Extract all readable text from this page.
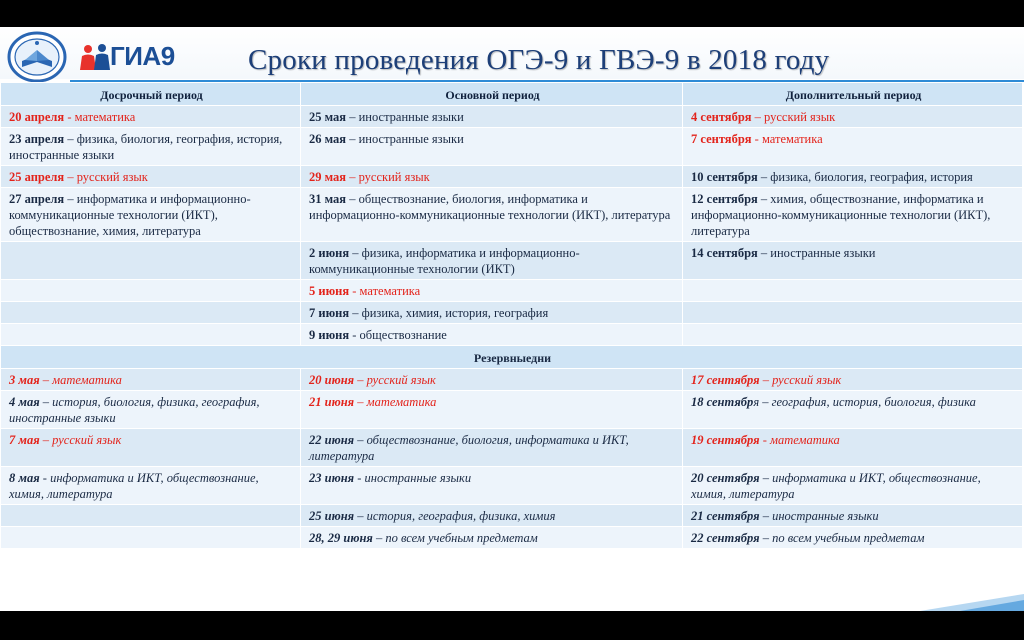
ГИА9	Сроки проведения ОГЭ-9 и ГВЭ-9 в 2018 году
Досрочный период	Основной период	Дополнительный период
20 апреля - математика	25 мая – иностранные языки	4 сентября – русский язык
23 апреля – физика, биология, география, история, иностранные языки	26 мая – иностранные языки	7 сентября - математика
25 апреля – русский язык	29 мая – русский язык	10 сентября – физика, биология, география, история
27 апреля – информатика и информационно-коммуникационные технологии (ИКТ), обществознание, химия, литература	31 мая – обществознание, биология, информатика и информационно-коммуникационные технологии (ИКТ), литература	12 сентября – химия, обществознание, информатика и информационно-коммуникационные технологии (ИКТ), литература
	2 июня – физика, информатика и информационно-коммуникационные технологии (ИКТ)	14 сентября – иностранные языки
	5 июня - математика	
	7 июня – физика, химия, история, география	
	9 июня - обществознание	
Резервныедни		
3 мая – математика	20 июня – русский язык	17 сентября – русский язык
4 мая – история, биология, физика, география, иностранные языки	21 июня – математика	18 сентября – география, история, биология, физика
7 мая – русский язык	22 июня – обществознание, биология, информатика и ИКТ, литература	19 сентября - математика
8 мая - информатика и ИКТ, обществознание, химия, литература	23 июня - иностранные языки	20 сентября – информатика и ИКТ, обществознание, химия, литература
	25 июня – история, география, физика, химия	21 сентября – иностранные языки
	28, 29 июня – по всем учебным предметам	22 сентября – по всем учебным предметам
